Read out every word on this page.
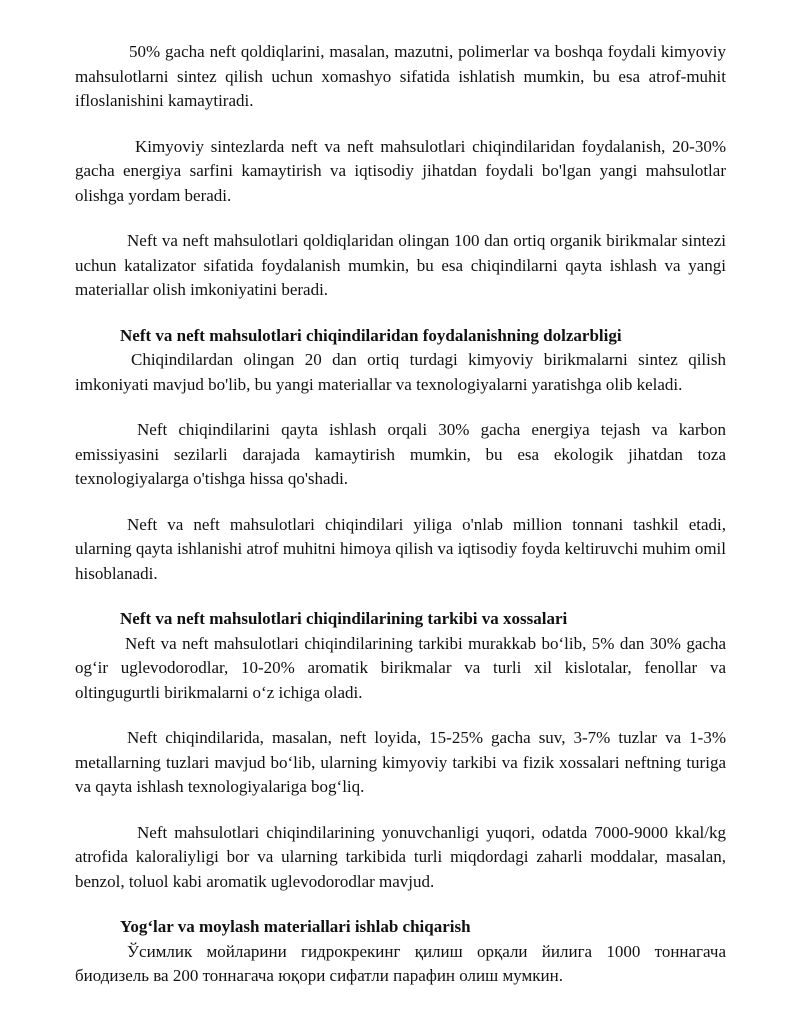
50% gacha neft qoldiqlarini, masalan, mazutni, polimerlar va boshqa foydali kimyoviy mahsulotlarni sintez qilish uchun xomashyo sifatida ishlatish mumkin, bu esa atrof-muhit ifloslanishini kamaytiradi.

Kimyoviy sintezlarda neft va neft mahsulotlari chiqindilaridan foydalanish, 20-30% gacha energiya sarfini kamaytirish va iqtisodiy jihatdan foydali bo'lgan yangi mahsulotlar olishga yordam beradi.

Neft va neft mahsulotlari qoldiqlaridan olingan 100 dan ortiq organik birikmalar sintezi uchun katalizator sifatida foydalanish mumkin, bu esa chiqindilarni qayta ishlash va yangi materiallar olish imkoniyatini beradi.

Neft va neft mahsulotlari chiqindilaridan foydalanishning dolzarbligi

Chiqindilardan olingan 20 dan ortiq turdagi kimyoviy birikmalarni sintez qilish imkoniyati mavjud bo'lib, bu yangi materiallar va texnologiyalarni yaratishga olib keladi.

Neft chiqindilarini qayta ishlash orqali 30% gacha energiya tejash va karbon emissiyasini sezilarli darajada kamaytirish mumkin, bu esa ekologik jihatdan toza texnologiyalarga o'tishga hissa qo'shadi.

Neft va neft mahsulotlari chiqindilari yiliga o'nlab million tonnani tashkil etadi, ularning qayta ishlanishi atrof muhitni himoya qilish va iqtisodiy foyda keltiruvchi muhim omil hisoblanadi.

Neft va neft mahsulotlari chiqindilarining tarkibi va xossalari

Neft va neft mahsulotlari chiqindilarining tarkibi murakkab bo‘lib, 5% dan 30% gacha og‘ir uglevodorodlar, 10-20% aromatik birikmalar va turli xil kislotalar, fenollar va oltingugurtli birikmalarni o‘z ichiga oladi.

Neft chiqindilarida, masalan, neft loyida, 15-25% gacha suv, 3-7% tuzlar va 1-3% metallarning tuzlari mavjud bo‘lib, ularning kimyoviy tarkibi va fizik xossalari neftning turiga va qayta ishlash texnologiyalariga bog‘liq.

Neft mahsulotlari chiqindilarining yonuvchanligi yuqori, odatda 7000-9000 kkal/kg atrofida kaloraliyligi bor va ularning tarkibida turli miqdordagi zaharli moddalar, masalan, benzol, toluol kabi aromatik uglevodorodlar mavjud.

Yog‘lar va moylash materiallari ishlab chiqarish

Ўсимлик мойларини гидрокрекинг қилиш орқали йилига 1000 тоннагача биодизель ва 200 тоннагача юқори сифатли парафин олиш мумкин.
